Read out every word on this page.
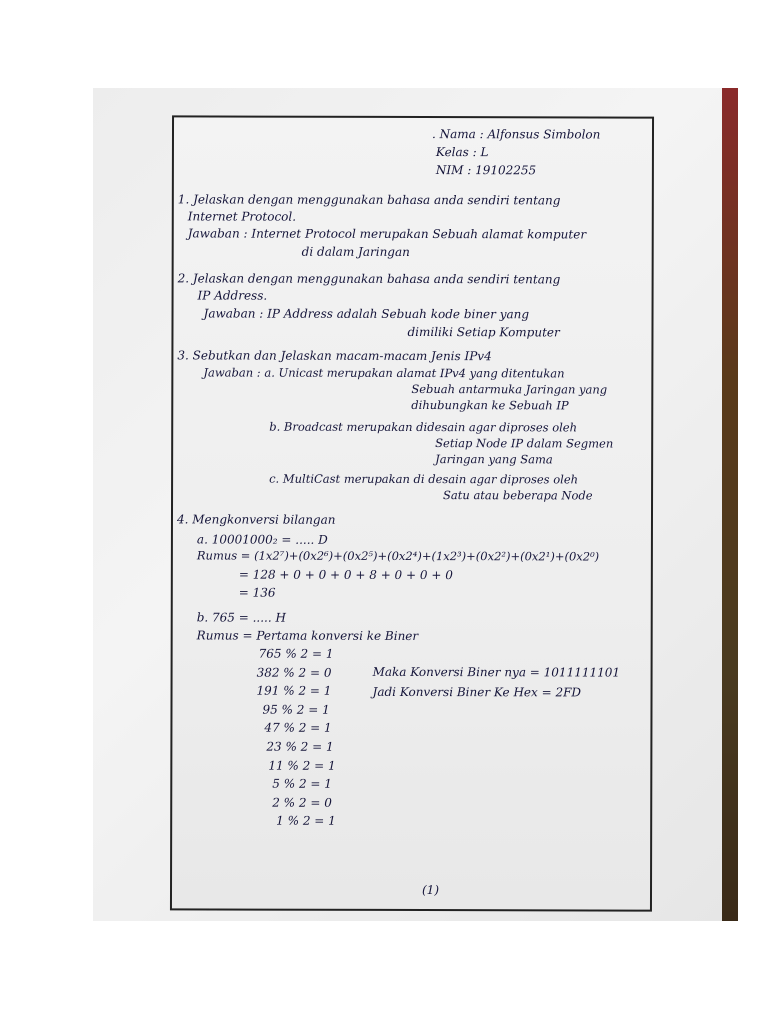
. Nama : Alfonsus Simbolon
Kelas : L
NIM : 19102255
1. Jelaskan dengan menggunakan bahasa anda sendiri tentang
Internet Protocol.
Jawaban : Internet Protocol merupakan Sebuah alamat komputer
di dalam Jaringan
2. Jelaskan dengan menggunakan bahasa anda sendiri tentang
IP Address.
Jawaban : IP Address adalah Sebuah kode biner yang
dimiliki Setiap Komputer
3. Sebutkan dan Jelaskan macam-macam Jenis IPv4
Jawaban : a. Unicast merupakan alamat IPv4 yang ditentukan
Sebuah antarmuka Jaringan yang
dihubungkan ke Sebuah IP
b. Broadcast merupakan didesain agar diproses oleh
Setiap Node IP dalam Segmen
Jaringan yang Sama
c. MultiCast merupakan di desain agar diproses oleh
Satu atau beberapa Node
4. Mengkonversi bilangan
a. 10001000₂ = ..... D
Rumus = (1x2⁷)+(0x2⁶)+(0x2⁵)+(0x2⁴)+(1x2³)+(0x2²)+(0x2¹)+(0x2⁰)
= 128 + 0 + 0 + 0 + 8 + 0 + 0 + 0
= 136
b. 765 = ..... H
Rumus = Pertama konversi ke Biner
765 % 2 = 1
382 % 2 = 0
191 % 2 = 1
95 % 2 = 1
47 % 2 = 1
23 % 2 = 1
11 % 2 = 1
5 % 2 = 1
2 % 2 = 0
1 % 2 = 1
Maka Konversi Biner nya = 1011111101
Jadi Konversi Biner Ke Hex = 2FD
(1)
